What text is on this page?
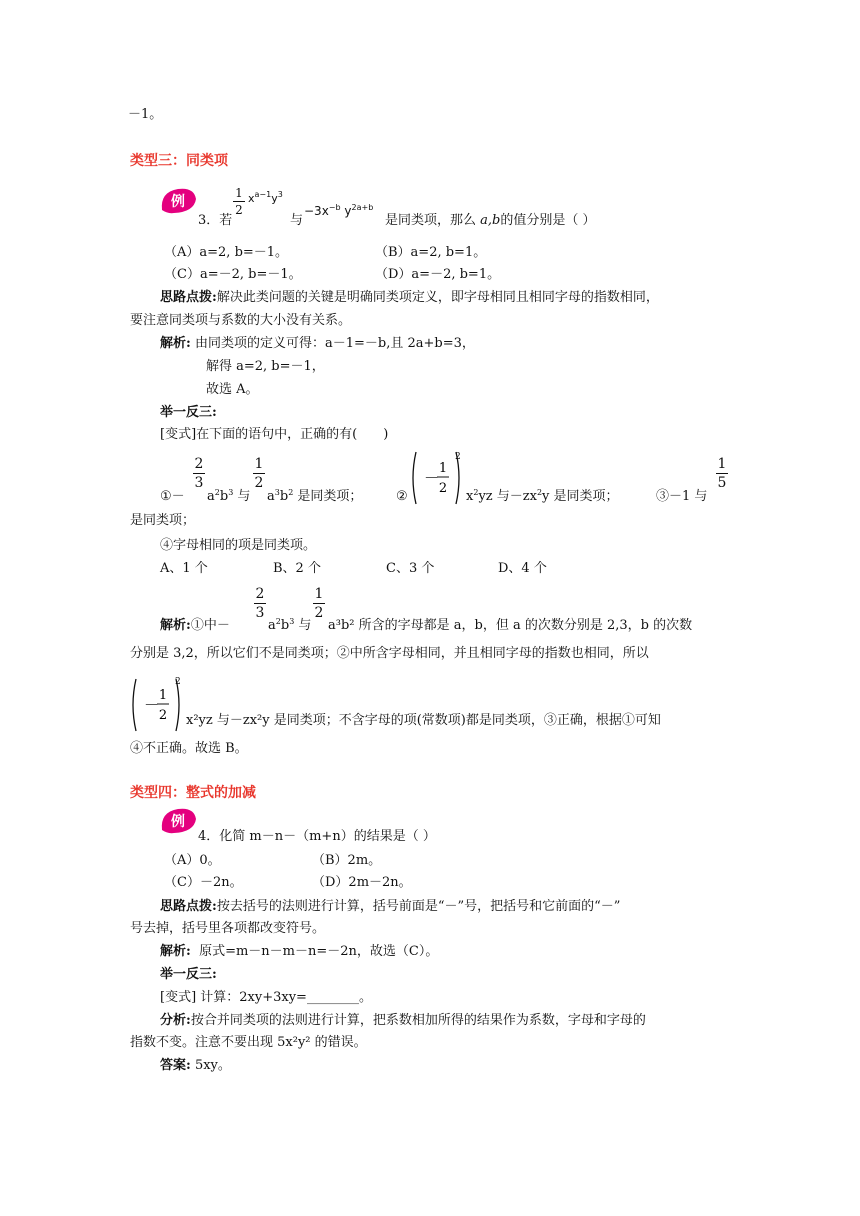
－1。
类型三：同类项
例
3．若
1
2
$x^{a-1}y^3$
与
$-3x^{-b}$ $y^{2a+b}$
是同类项，那么 a,b的值分别是（ ）
（A）a=2, b=－1。	（B）a=2, b=1。
（C）a=－2, b=－1。	（D）a=－2, b=1。
思路点拨:解决此类问题的关键是明确同类项定义，即字母相同且相同字母的指数相同，
要注意同类项与系数的大小没有关系。
解析: 由同类项的定义可得：a－1=－b,且 2a+b=3，
解得 a=2, b=－1，
故选 A。
举一反三:
[变式]在下面的语句中，正确的有(　　)
①－
2
3
$a^2b^3$ 与
1
2
$a^3b^2$ 是同类项；	②
－
1
2
2
$x^2yz$ 与$-zx^2y$ 是同类项；	③－1 与
1
5
是同类项；
④字母相同的项是同类项。
A、1 个	B、2 个	C、3 个	D、4 个
解析:①中－
2
3
$a^2b^3$ 与
1
2
a³b² 所含的字母都是 a，b，但 a 的次数分别是 2,3，b 的次数
分别是 3,2，所以它们不是同类项；②中所含字母相同，并且相同字母的指数也相同，所以
－
1
2
2
x²yz 与－zx²y 是同类项；不含字母的项(常数项)都是同类项，③正确，根据①可知
④不正确。故选 B。
类型四：整式的加减
例
4．化简 m－n－（m+n）的结果是（ ）
（A）0。	（B）2m。
（C）－2n。	（D）2m－2n。
思路点拨:按去括号的法则进行计算，括号前面是“－”号，把括号和它前面的“－”
号去掉，括号里各项都改变符号。
解析: 原式=m－n－m－n=－2n，故选（C）。
举一反三:
[变式] 计算：2xy+3xy=________。
分析:按合并同类项的法则进行计算，把系数相加所得的结果作为系数，字母和字母的
指数不变。注意不要出现 5x²y² 的错误。
答案: 5xy。
